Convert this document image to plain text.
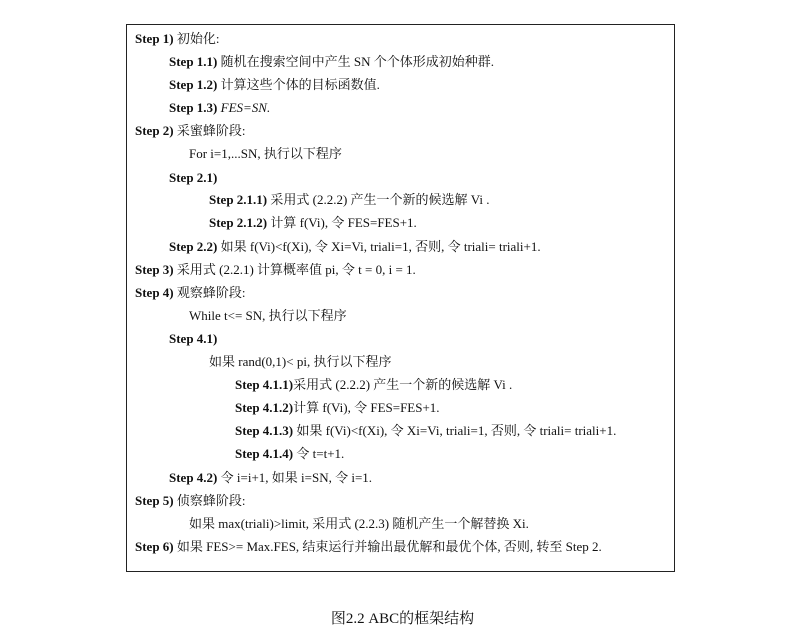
Step 1) 初始化:
Step 1.1) 随机在搜索空间中产生 SN 个个体形成初始种群.
Step 1.2) 计算这些个体的目标函数值.
Step 1.3) FES=SN.
Step 2) 采蜜蜂阶段:
For i=1,...SN, 执行以下程序
Step 2.1)
Step 2.1.1) 采用式 (2.2.2) 产生一个新的候选解 Vi .
Step 2.1.2) 计算 f(Vi), 令 FES=FES+1.
Step 2.2) 如果 f(Vi)<f(Xi), 令 Xi=Vi, triali=1, 否则, 令 triali= triali+1.
Step 3) 采用式 (2.2.1) 计算概率值 pi, 令 t = 0, i = 1.
Step 4) 观察蜂阶段:
While t<= SN, 执行以下程序
Step 4.1)
如果 rand(0,1)< pi, 执行以下程序
Step 4.1.1)采用式 (2.2.2) 产生一个新的候选解 Vi .
Step 4.1.2)计算 f(Vi), 令 FES=FES+1.
Step 4.1.3) 如果 f(Vi)<f(Xi), 令 Xi=Vi, triali=1, 否则, 令 triali= triali+1.
Step 4.1.4) 令 t=t+1.
Step 4.2) 令 i=i+1, 如果 i=SN, 令 i=1.
Step 5) 侦察蜂阶段:
如果 max(triali)>limit, 采用式 (2.2.3) 随机产生一个解替换 Xi.
Step 6) 如果 FES>= Max.FES, 结束运行并输出最优解和最优个体, 否则, 转至 Step 2.
图2.2 ABC的框架结构
